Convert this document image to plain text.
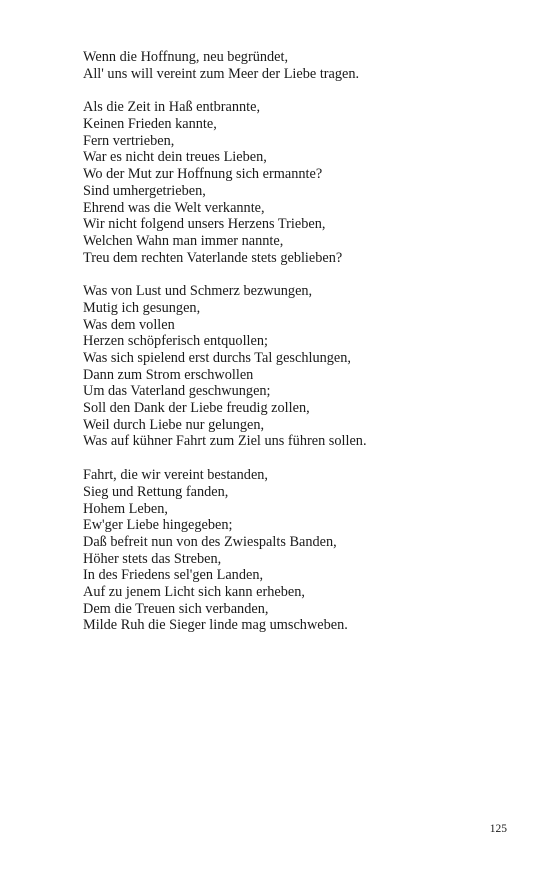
Wenn die Hoffnung, neu begründet,
All' uns will vereint zum Meer der Liebe tragen.
Als die Zeit in Haß entbrannte,
Keinen Frieden kannte,
Fern vertrieben,
War es nicht dein treues Lieben,
Wo der Mut zur Hoffnung sich ermannte?
Sind umhergetrieben,
Ehrend was die Welt verkannte,
Wir nicht folgend unsers Herzens Trieben,
Welchen Wahn man immer nannte,
Treu dem rechten Vaterlande stets geblieben?
Was von Lust und Schmerz bezwungen,
Mutig ich gesungen,
Was dem vollen
Herzen schöpferisch entquollen;
Was sich spielend erst durchs Tal geschlungen,
Dann zum Strom erschwollen
Um das Vaterland geschwungen;
Soll den Dank der Liebe freudig zollen,
Weil durch Liebe nur gelungen,
Was auf kühner Fahrt zum Ziel uns führen sollen.
Fahrt, die wir vereint bestanden,
Sieg und Rettung fanden,
Hohem Leben,
Ew'ger Liebe hingegeben;
Daß befreit nun von des Zwiespalts Banden,
Höher stets das Streben,
In des Friedens sel'gen Landen,
Auf zu jenem Licht sich kann erheben,
Dem die Treuen sich verbanden,
Milde Ruh die Sieger linde mag umschweben.
125
